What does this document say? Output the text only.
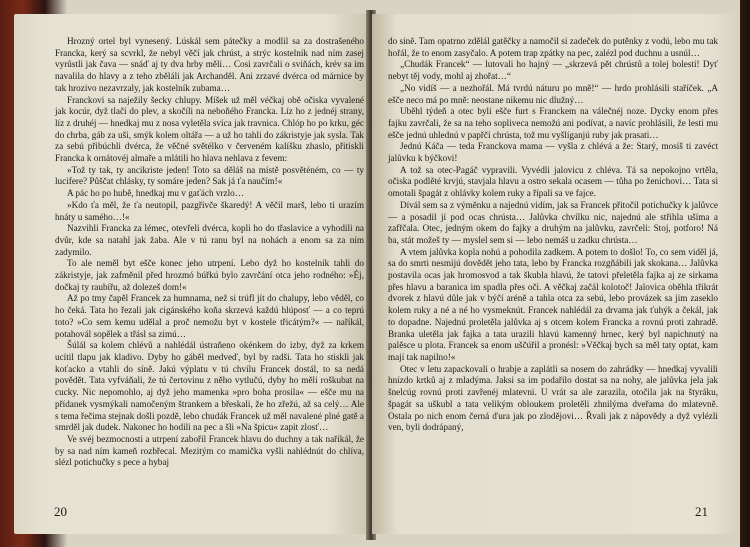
Hrozný ortel byl vynesený. Lúskál sem pátečky a modlil sa za dostrašeného Francka, kerý sa scvrkl, že nebyl věčí jak chrúst, a strýc kostelník nad ním zasej vyrůstli jak čava — snáď aj ty dva hrby měli… Cosi zavrčali o sviňách, krév sa im navalila do hlavy a z teho zběláli jak Archanděl. Ani zrzavé dvérca od márnice by tak hrozivo nezavrzaly, jak kostelník zubama…

Franckovi sa naježily šecky chlupy. Míšek už měl véčkaj obě očiska vyvalené jak kocúr, dyž tlačí do plev, a skočíli na neboňého Francka. Líz ho z jednéj strany, líz z druhéj — hnedkaj mu z nosa vyletěla svíca jak travnica. Chlóp ho po krku, géc do chrba, gáb za uši, smýk kolem oltářa — a už ho tahli do zákristyje jak sysla. Tak za sebú přibúchli dvérca, že věčné světélko v červeném kalíšku zhaslo, přitiskli Francka k ornátovéj almaře a mlátili ho hlava nehlava z fevem:

»Tož ty tak, ty ancikriste jeden! Toto sa děláš na místě posvěténém, co — ty lucifere? Půščat chlásky, ty somáre jeden? Sak já ťa naučím!«

A pác ho po hubě, hnedkaj mu v gaťách vrzlo…

»Kdo ťa měl, že ťa neutopil, pazgřivče škaredý! A věčil marš, lebo ti urazím hnáty u samého…!«

Nazvihli Francka za lémec, otevřeli dvérca, kopli ho do třaslavice a vyhodili na dvůr, kde sa natahl jak žaba. Ale v tú ranu byl na nohách a enom sa za ním zadymilo.

To ale neměl byt ešče konec jeho utrpení. Lebo dyž ho kostelník tahli do zákristyje, jak zafměnil před hrozmó búřkú bylo zavrčání otca jeho rodného: »Éj, dočkaj ty raubířu, až dolezeš dom!«

Až po tmy čapěl Francek za humnama, než si trúfl jít do chalupy, lebo věděl, co ho čeká. Tata ho řezali jak cigánského koňa skrzevá každú hlúposť — a co teprú toto? »Co sem kemu udělal a proč nemožu byt v kostele třicátým?« — naříkál, potahovál sopělek a třásl sa zimú…

Šúlál sa kolem chlévů a nahlédál ústraňeno okénkem do izby, dyž za krkem ucítil tlapu jak kladivo. Dyby ho gáběl medveď, byl by radši. Tata ho stiskli jak koťacko a vtahli do síně. Jakú výplatu v tú chvílu Francek dostál, to sa nedá povědět. Tata vyfváňali, že tú čertovinu z něho vytlučú, dyby ho měli roškubat na cucky. Nic nepomohlo, aj dyž jeho mamenka »pro boha prosila« — ešče mu na přídanek vysmýkali namočeným štrankem a břeskali, že ho zřežú, až sa celý… Ale s tema řečima stejnak došli pozdě, lebo chudák Francek už měl navalené plné gatě a smrděl jak dudek. Nakonec ho hodili na pec a šli »Na špicu« zapit zlosť…

Ve svéj bezmocnosti a utrpení zabořil Francek hlavu do duchny a tak naříkál, že by sa nad ním kameň rozbřecal. Mezitým co mamička vyšli nahlédnút do chlíva, slézl potichučky s pece a hybaj

20

do síně. Tam opatrno zdělál gatěčky a namočil si zadeček do putěnky z vodú, lebo mu tak hořál, že to enom zasyčalo. A potem trap zpátky na pec, zalézl pod duchnu a usnúl…

„Chudák Francek“ — lutovali ho hajný — „skrzevá pět chrústů a tolej bolesti! Dyť nebyt těj vody, mohl aj zhořat…“

„No vidíš — a nezhořál. Má tvrdú náturu po mně!“ — hrdo prohlásili staříček. „A ešče neco má po mně: neostane nikemu nic dlužný…

Uběhl týdeň a otec byli ešče furt s Franckem na válečnéj noze. Dycky enom přes fajku zavrčali, že sa na teho sopliveca nemožú ani podívat, a navíc prohlásili, že lesti mu ešče jednú uhlednú v papřčí chrústa, tož mu vyšlíganjú ruby jak prasati…

Jednú Káča — teda Franckova mama — vyšla z chlévá a že: Starý, mosíš ti zavéct jalůvku k býčkovi!

A tož sa otec-Pagáč vypravili. Vyvédli jalovicu z chléva. Tá sa nepokojno vrtěla, očiska podlěté krvjú, stavjala hlavu a ostro sekala ocasem — tůha po ženichovi… Tata si omotali špagát z ohlávky kolem ruky a řípali sa ve fajce.

Dívál sem sa z výměnku a najednú vidím, jak sa Francek přitočil potichučky k jalůvce — a posadil jí pod ocas chrústa… Jalůvka chvílku nic, najednú ale střihla ušíma a zafřčala. Otec, jedným okem do fajky a druhým na jalůvku, zavrčeli: Stoj, potforo! Ná ba, stát možeš ty — myslel sem si — lebo nemáš u zadku chrústa…

A vtem jalůvka kopla nohú a pohodila zadkem. A potem to došlo! To, co sem viděl já, sa do smrti nesmíjú dovědět jeho tata, lebo by Francka rozgňábili jak skokana… Jalůvka postavila ocas jak hromosvod a tak škubla hlavú, že tatovi přeletěla fajka aj ze sirkama přes hlavu a baranica im spadla přes oči. A věčkaj začál kolotoč! Jalovica oběhla třikrát dvorek z hlavú důle jak v býčí aréně a tahla otca za sebú, lebo provázek sa jim zaseklo kolem ruky a né a né ho vysmeknút. Francek nahlédál za drvama jak ťuhýk a čekál, jak to dopadne. Najednú proletěla jalůvka aj s otcem kolem Francka a rovnú proti zahradě. Branka uletěla jak fajka a tata urazili hlavú kamenný hrnec, kerý byl napichnutý na palěsce u plota. Francek sa enom uščúřil a pronésl: »Věčkaj bych sa měl taty optat, kam mají tak napilno!«

Otec v letu zapackovali o hrabje a zaplátli sa nosem do zahrádky — hnedkaj vyvalili hnízdo krtků aj z mladýma. Jaksi sa im podařilo dostat sa na nohy, ale jalůvka jela jak šnelcúg rovnú proti zavřenéj mlatevni. U vrát sa ale zarazila, otočila jak na štyráku, špagát sa uškubl a tata velikým obloukem proletěli zhnilýma dveřama do mlatevně. Ostala po nich enom černá ďura jak po zlodějovi… Řvali jak z nápovědy a dyž vylézli ven, byli dodrápaný,

21
